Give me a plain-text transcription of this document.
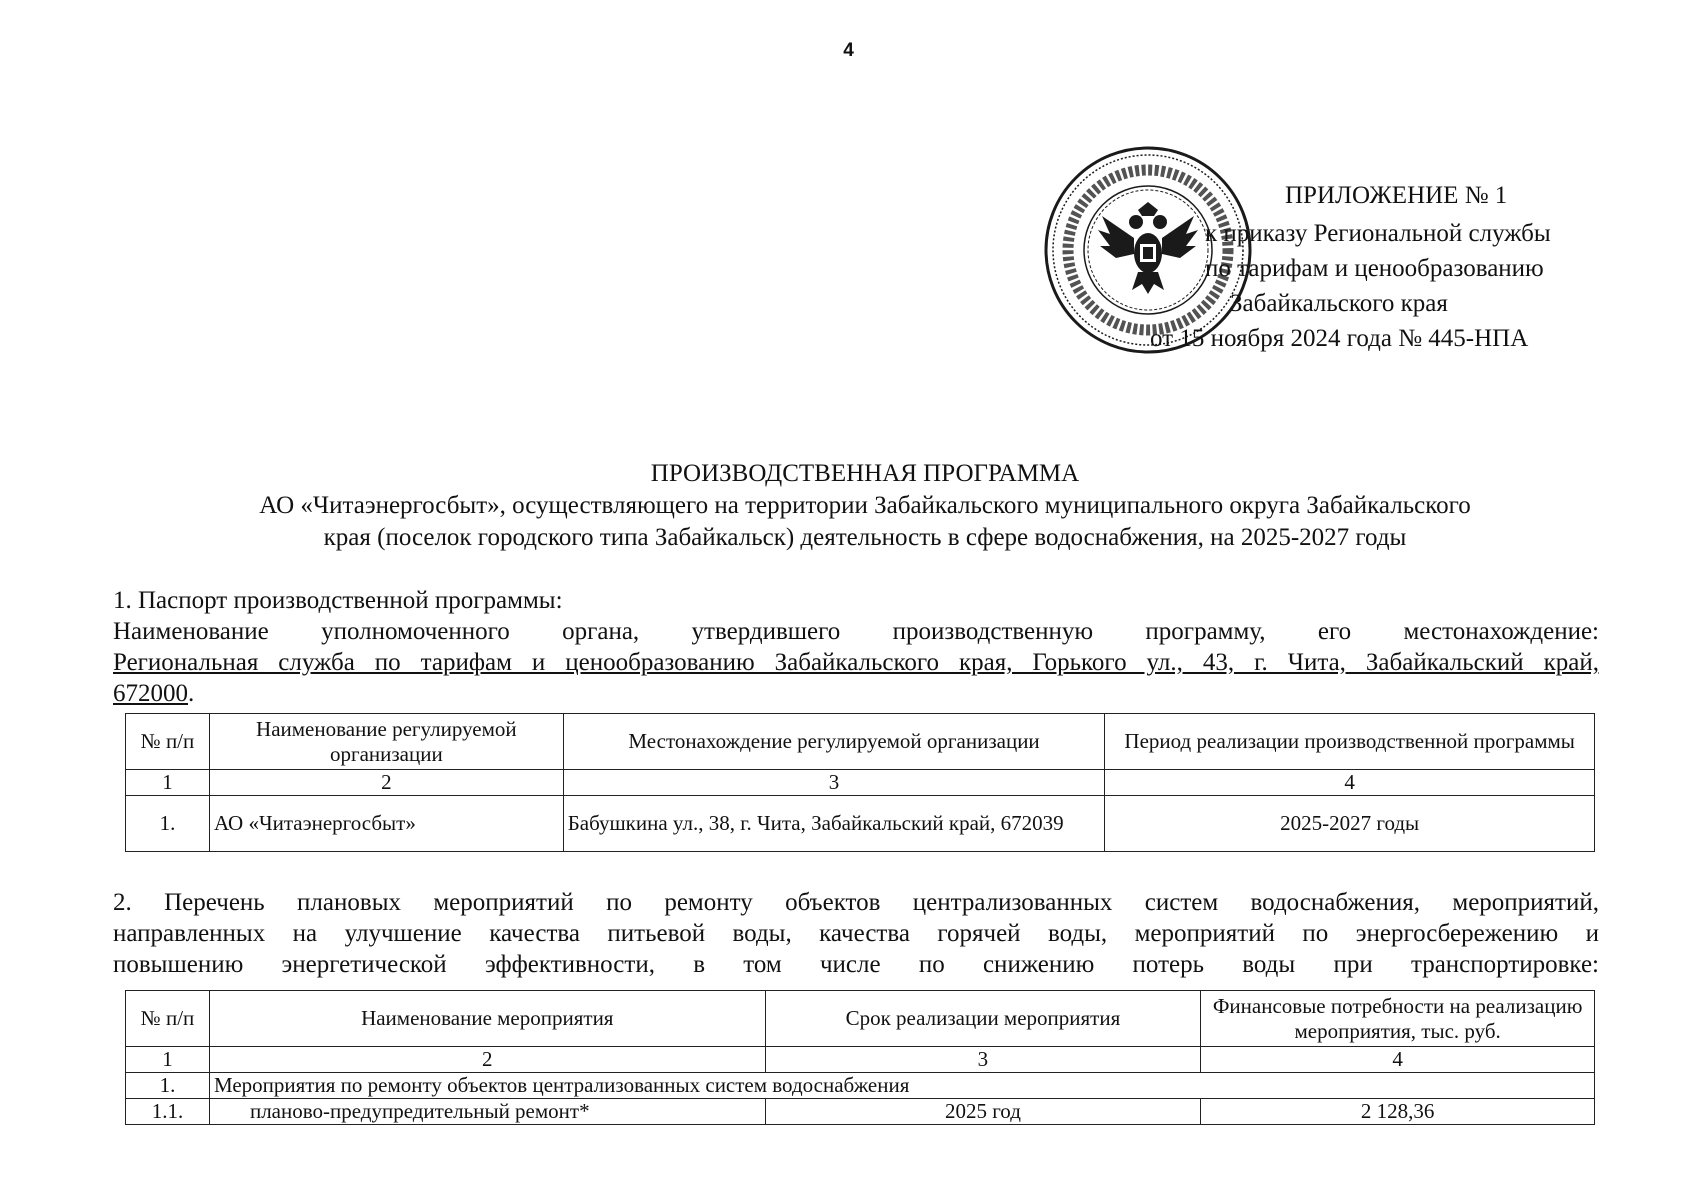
4
ПРИЛОЖЕНИЕ № 1
к приказу Региональной службы
по тарифам и ценообразованию
Забайкальского края
от 15 ноября 2024 года № 445-НПА
ПРОИЗВОДСТВЕННАЯ ПРОГРАММА
АО «Читаэнергосбыт», осуществляющего на территории Забайкальского муниципального округа Забайкальского
края (поселок городского типа Забайкальск) деятельность в сфере водоснабжения, на 2025-2027 годы

1. Паспорт производственной программы:

Наименование уполномоченного органа, утвердившего производственную программу, его местонахождение:

Региональная служба по тарифам и ценообразованию Забайкальского края, Горького ул., 43, г. Чита, Забайкальский край,

672000.

№ п/п	Наименование регулируемой организации	Местонахождение регулируемой организации	Период реализации производственной программы
1	2	3	4
1.	АО «Читаэнергосбыт»	Бабушкина ул., 38, г. Чита, Забайкальский край, 672039	2025-2027 годы

2. Перечень плановых мероприятий по ремонту объектов централизованных систем водоснабжения, мероприятий,

направленных на улучшение качества питьевой воды, качества горячей воды, мероприятий по энергосбережению и

повышению энергетической эффективности, в том числе по снижению потерь воды при транспортировке:

№ п/п	Наименование мероприятия	Срок реализации мероприятия	Финансовые потребности на реализацию мероприятия, тыс. руб.
1	2	3	4
1.	Мероприятия по ремонту объектов централизованных систем водоснабжения		
1.1.	планово-предупредительный ремонт*	2025 год	2 128,36
